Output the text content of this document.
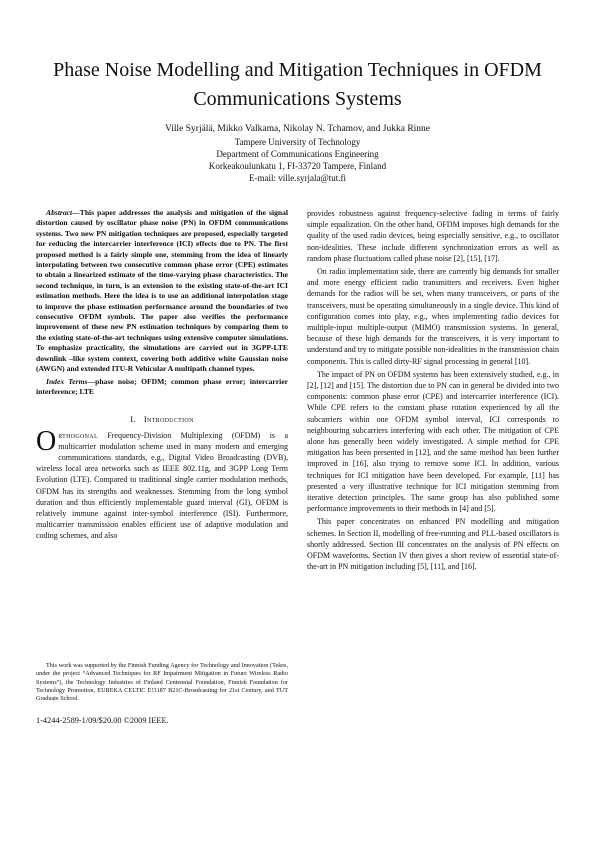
Phase Noise Modelling and Mitigation Techniques in OFDM Communications Systems
Ville Syrjälä, Mikko Valkama, Nikolay N. Tchamov, and Jukka Rinne
Tampere University of Technology
Department of Communications Engineering
Korkeakoulunkatu 1, FI-33720 Tampere, Finland
E-mail: ville.syrjala@tut.fi

Abstract—This paper addresses the analysis and mitigation of the signal distortion caused by oscillator phase noise (PN) in OFDM communications systems. Two new PN mitigation techniques are proposed, especially targeted for reducing the intercarrier interference (ICI) effects due to PN. The first proposed method is a fairly simple one, stemming from the idea of linearly interpolating between two consecutive common phase error (CPE) estimates to obtain a linearized estimate of the time-varying phase characteristics. The second technique, in turn, is an extension to the existing state-of-the-art ICI estimation methods. Here the idea is to use an additional interpolation stage to improve the phase estimation performance around the boundaries of two consecutive OFDM symbols. The paper also verifies the performance improvement of these new PN estimation techniques by comparing them to the existing state-of-the-art techniques using extensive computer simulations. To emphasize practicality, the simulations are carried out in 3GPP-LTE downlink –like system context, covering both additive white Gaussian noise (AWGN) and extended ITU-R Vehicular A multipath channel types.

Index Terms—phase noise; OFDM; common phase error; intercarrier interference; LTE

I. Introduction

Orthogonal Frequency-Division Multiplexing (OFDM) is a multicarrier modulation scheme used in many modern and emerging communications standards, e.g., Digital Video Broadcasting (DVB), wireless local area networks such as IEEE 802.11g, and 3GPP Long Term Evolution (LTE). Compared to traditional single carrier modulation methods, OFDM has its strengths and weaknesses. Stemming from the long symbol duration and thus efficiently implementable guard interval (GI), OFDM is relatively immune against inter-symbol interference (ISI). Furthermore, multicarrier transmission enables efficient use of adaptive modulation and coding schemes, and also

provides robustness against frequency-selective fading in terms of fairly simple equalization. On the other hand, OFDM imposes high demands for the quality of the used radio devices, being especially sensitive, e.g., to oscillator non-idealities. These include different synchronization errors as well as random phase fluctuations called phase noise [2], [15], [17].

On radio implementation side, there are currently big demands for smaller and more energy efficient radio transmitters and receivers. Even higher demands for the radios will be set, when many transceivers, or parts of the transceivers, must be operating simultaneously in a single device. This kind of configuration comes into play, e.g., when implementing radio devices for multiple-input multiple-output (MIMO) transmission systems. In general, because of these high demands for the transceivers, it is very important to understand and try to mitigate possible non-idealities in the transmission chain components. This is called dirty-RF signal processing in general [10].

The impact of PN on OFDM systems has been extensively studied, e.g., in [2], [12] and [15]. The distortion due to PN can in general be divided into two components: common phase error (CPE) and intercarrier interference (ICI). While CPE refers to the constant phase rotation experienced by all the subcarriers within one OFDM symbol interval, ICI corresponds to neighbouring subcarriers interfering with each other. The mitigation of CPE alone has generally been widely investigated. A simple method for CPE mitigation has been presented in [12], and the same method has been further improved in [16], also trying to remove some ICI. In addition, various techniques for ICI mitigation have been developed. For example, [11] has presented a very illustrative technique for ICI mitigation stemming from iterative detection principles. The same group has also published some performance improvements to their methods in [4] and [5].

This paper concentrates on enhanced PN modelling and mitigation schemes. In Section II, modelling of free-running and PLL-based oscillators is shortly addressed. Section III concentrates on the analysis of PN effects on OFDM waveforms. Section IV then gives a short review of essential state-of-the-art in PN mitigation including [5], [11], and [16].

This work was supported by the Finnish Funding Agency for Technology and Innovation (Tekes, under the project “Advanced Techniques for RF Impairment Mitigation in Future Wireless Radio Systems”), the Technology Industries of Finland Centennial Foundation, Finnish Foundation for Technology Promotion, EUREKA CELTIC E!3187 B21C-Broadcasting for 21st Century, and TUT Graduate School.

1-4244-2589-1/09/$20.00 ©2009 IEEE.
